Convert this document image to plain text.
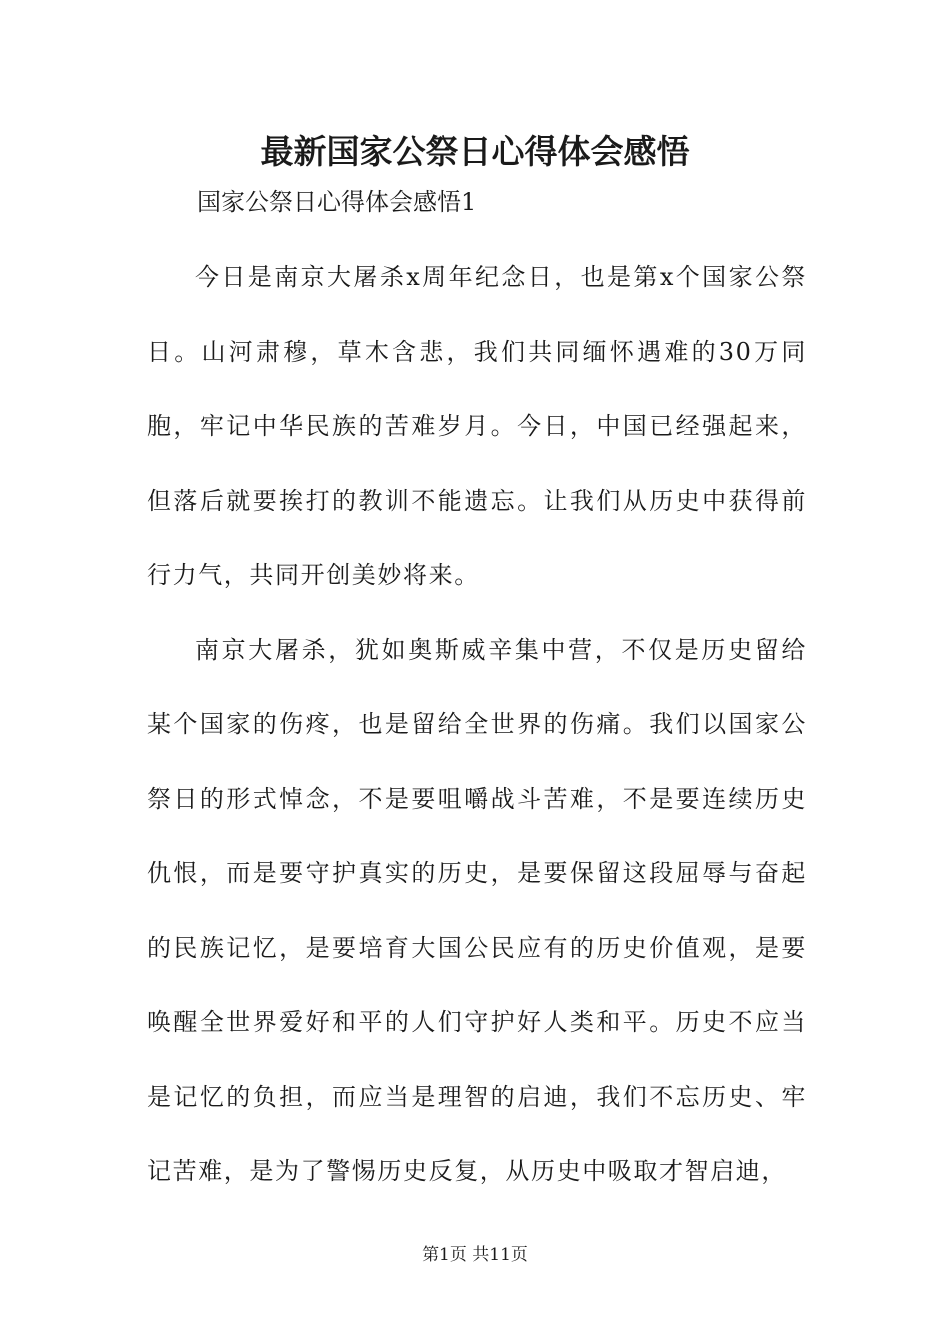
最新国家公祭日心得体会感悟

国家公祭日心得体会感悟1

今日是南京大屠杀x周年纪念日，也是第x个国家公祭日。山河肃穆，草木含悲，我们共同缅怀遇难的30万同胞，牢记中华民族的苦难岁月。今日，中国已经强起来，但落后就要挨打的教训不能遗忘。让我们从历史中获得前行力气，共同开创美妙将来。

南京大屠杀，犹如奥斯威辛集中营，不仅是历史留给某个国家的伤疼，也是留给全世界的伤痛。我们以国家公祭日的形式悼念，不是要咀嚼战斗苦难，不是要连续历史仇恨，而是要守护真实的历史，是要保留这段屈辱与奋起的民族记忆，是要培育大国公民应有的历史价值观，是要唤醒全世界爱好和平的人们守护好人类和平。历史不应当是记忆的负担，而应当是理智的启迪，我们不忘历史、牢记苦难，是为了警惕历史反复，从历史中吸取才智启迪，

第1页 共11页
